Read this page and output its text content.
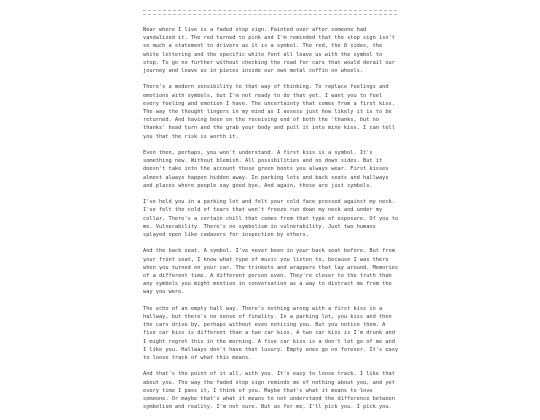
Near where I live is a faded stop sign. Painted over after someone had vandalized it. The red turned to pink and I'm reminded that the stop sign isn't so much a statement to drivers as it is a symbol. The red, the 8 sides, the white lettering and the specific white font all leave us with the symbol to stop. To go no further without checking the road for cars that would derail our journey and leave us in pieces inside our own metal coffin on wheels.

There's a modern sensibility to that way of thinking. To replace feelings and emotions with symbols, but I'm not ready to do that yet. I want you to feel every feeling and emotion I have. The uncertainty that comes from a first kiss. The way the thought lingers in my mind as I assess just how likely it is to be returned. And having been on the receiving end of both the 'thanks, but no thanks' head turn and the grab your body and pull it into mine kiss, I can tell you that the risk is worth it.

Even then, perhaps, you won't understand. A first kiss is a symbol. It's something new. Without blemish. All possibilities and no down sides. But it doesn't take into the account those green boots you always wear. First kisses almost always happen hidden away. In parking lots and back seats and hallways and places where people say good bye. And again, those are just symbols.

I've held you in a parking lot and felt your cold face pressed against my neck. I've felt the cold of tears that won't freeze run down my neck and under my collar. There's a certain chill that comes from that type of exposure. Of you to me. Vulnerability. There's no symbolism in vulnerability. Just two humans splayed open like cadavers for inspection by others.

And the back seat. A symbol. I've never been in your back seat before. But from your front seat, I know what type of music you listen to, because I was there when you turned on your car. The trinkets and wrappers that lay around. Memories of a different time. A different person even. They're closer to the truth than any symbols you might mention in conversation as a way to distract me from the way you were.

The echo of an empty hall way. There's nothing wrong with a first kiss in a hallway, but there's no sense of finality. In a parking lot, you kiss and then the cars drive by, perhaps without even noticing you. But you notice them. A five car kiss is different than a two car kiss. A two car kiss is I'm drunk and I might regret this in the morning. A five car kiss is a don't let go of me and I like you. Hallways don't have that luxury. Empty ones go on forever. It's easy to loose track of what this means.

And that's the point of it all, with you. It's easy to loose track. I like that about you. The way the faded stop sign reminds me of nothing about you, and yet every time I pass it, I think of you. Maybe that's what it means to love someone. Or maybe that's what it means to not understand the difference between symbolism and reality. I'm not sure. But as for me, I'll pick you. I pick you.
